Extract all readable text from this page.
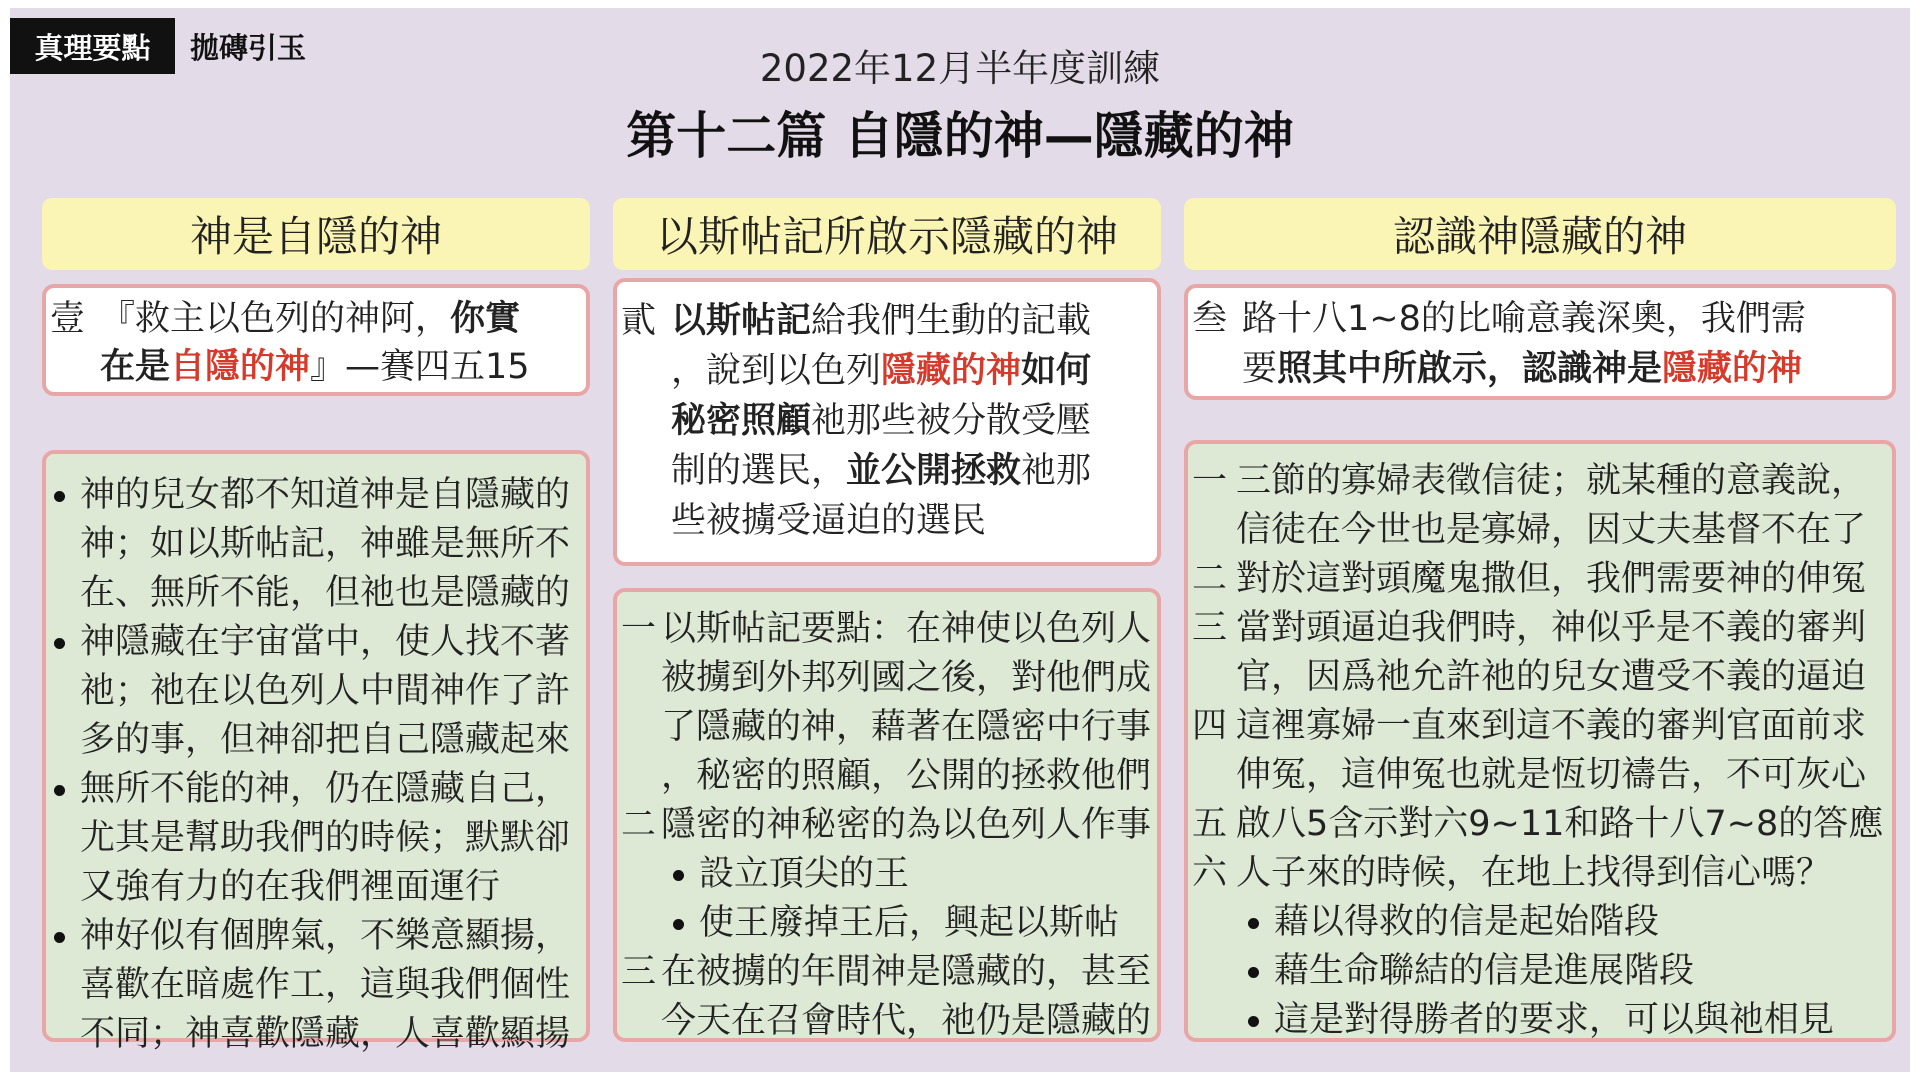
真理要點	拋磚引玉	2022年12月半年度訓練
第十二篇 自隱的神—隱藏的神
神是自隱的神
壹 『救主以色列的神阿，你實
在是自隱的神』—賽四五15
神的兒女都不知道神是自隱藏的
神；如以斯帖記，神雖是無所不
在、無所不能，但祂也是隱藏的
神隱藏在宇宙當中，使人找不著
祂；祂在以色列人中間神作了許
多的事，但神卻把自己隱藏起來
無所不能的神，仍在隱藏自己，
尤其是幫助我們的時候；默默卻
又強有力的在我們裡面運行
神好似有個脾氣，不樂意顯揚，
喜歡在暗處作工，這與我們個性
不同；神喜歡隱藏，人喜歡顯揚
以斯帖記所啟示隱藏的神
貳 以斯帖記給我們生動的記載
，說到以色列隱藏的神如何
秘密照顧祂那些被分散受壓
制的選民，並公開拯救祂那
些被擄受逼迫的選民
一 以斯帖記要點：在神使以色列人
被擄到外邦列國之後，對他們成
了隱藏的神，藉著在隱密中行事
，秘密的照顧，公開的拯救他們
二 隱密的神秘密的為以色列人作事
設立頂尖的王
使王廢掉王后，興起以斯帖
三 在被擄的年間神是隱藏的，甚至
今天在召會時代，祂仍是隱藏的
認識神隱藏的神
叁 路十八1~8的比喻意義深奧，我們需
要照其中所啟示，認識神是隱藏的神
一 三節的寡婦表徵信徒；就某種的意義說，
信徒在今世也是寡婦，因丈夫基督不在了
二 對於這對頭魔鬼撒但，我們需要神的伸冤
三 當對頭逼迫我們時，神似乎是不義的審判
官，因爲祂允許祂的兒女遭受不義的逼迫
四 這裡寡婦一直來到這不義的審判官面前求
伸冤，這伸冤也就是恆切禱告，不可灰心
五 啟八5含示對六9~11和路十八7~8的答應
六 人子來的時候，在地上找得到信心嗎？
藉以得救的信是起始階段
藉生命聯結的信是進展階段
這是對得勝者的要求，可以與祂相見
